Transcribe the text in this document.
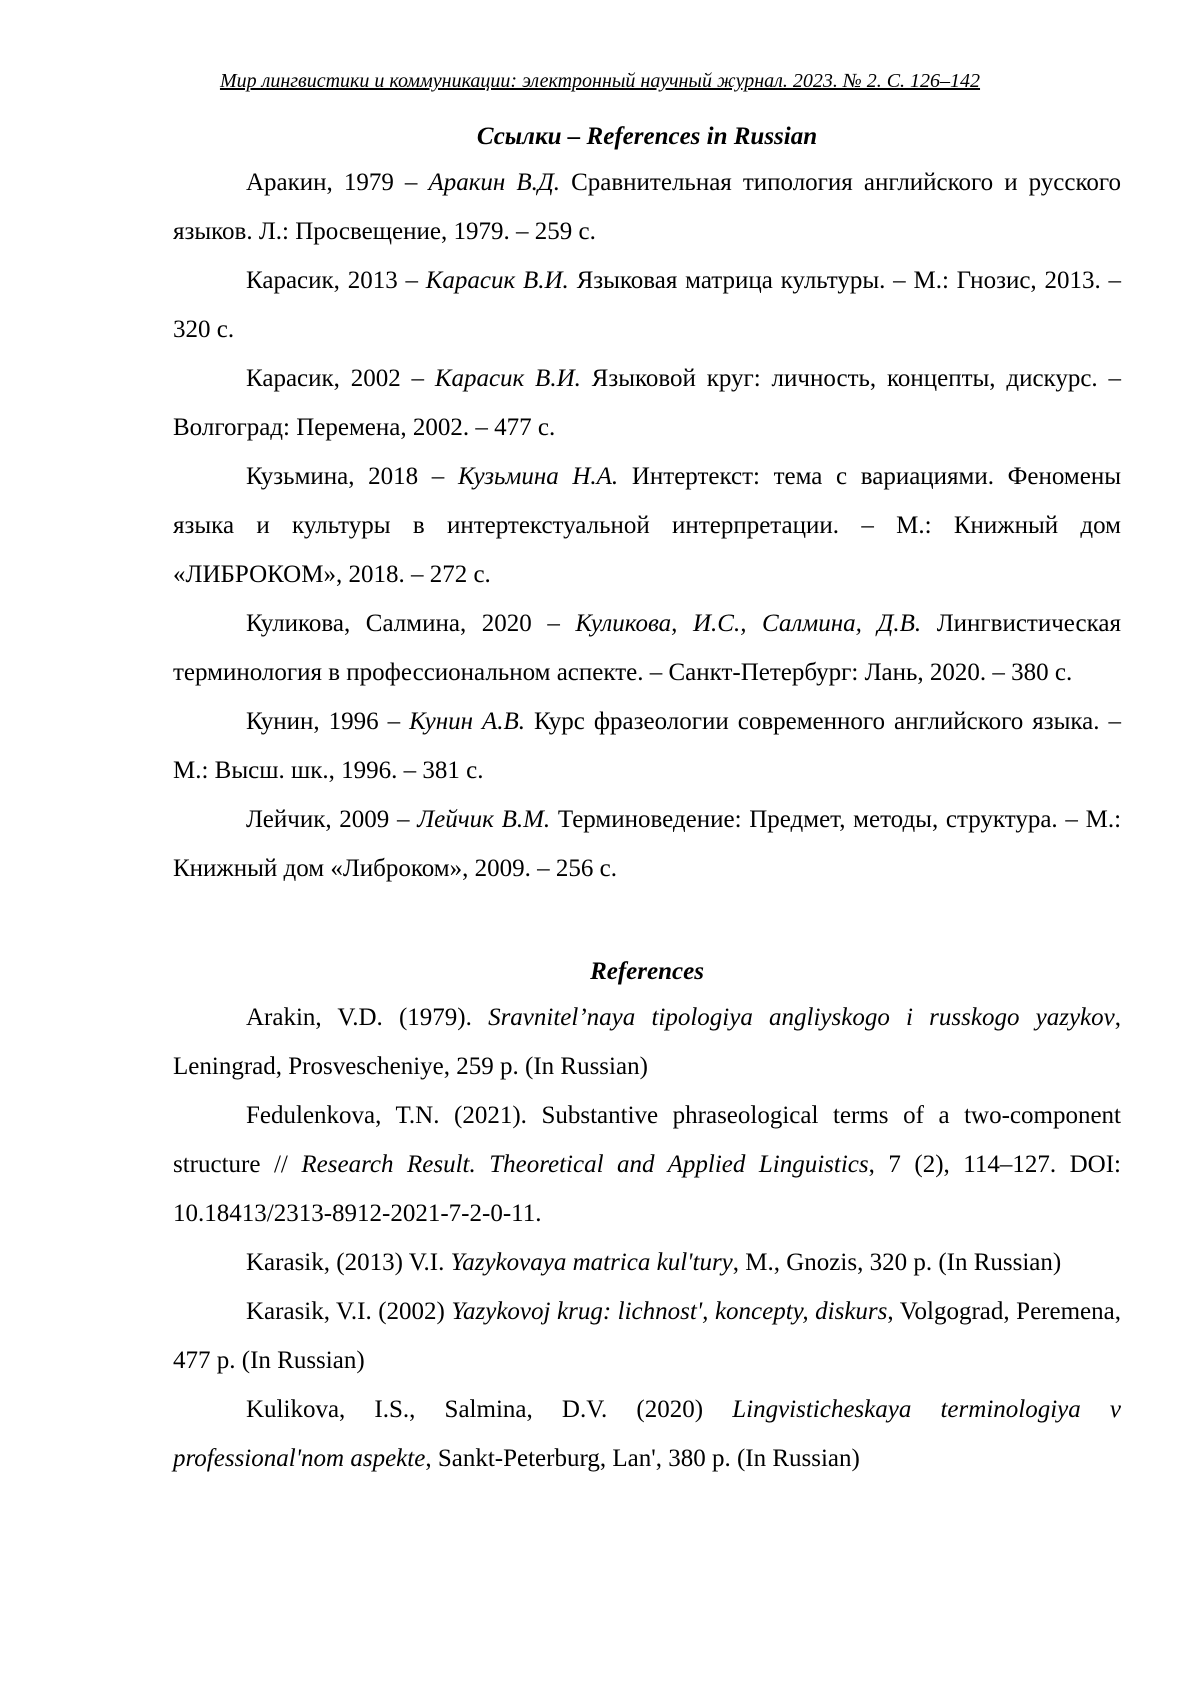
Мир лингвистики и коммуникации: электронный научный журнал. 2023. № 2. С. 126–142
Ссылки – References in Russian

Аракин, 1979 – Аракин В.Д. Сравнительная типология английского и русского языков. Л.: Просвещение, 1979. – 259 с.

Карасик, 2013 – Карасик В.И. Языковая матрица культуры. – М.: Гнозис, 2013. – 320 с.

Карасик, 2002 – Карасик В.И. Языковой круг: личность, концепты, дискурс. – Волгоград: Перемена, 2002. – 477 с.

Кузьмина, 2018 – Кузьмина Н.А. Интертекст: тема с вариациями. Феномены языка и культуры в интертекстуальной интерпретации. – М.: Книжный дом «ЛИБРОКОМ», 2018. – 272 с.

Куликова, Салмина, 2020 – Куликова, И.С., Салмина, Д.В. Лингвистическая терминология в профессиональном аспекте. – Санкт-Петербург: Лань, 2020. – 380 с.

Кунин, 1996 – Кунин А.В. Курс фразеологии современного английского языка. – М.: Высш. шк., 1996. – 381 с.

Лейчик, 2009 – Лейчик В.М. Терминоведение: Предмет, методы, структура. – М.: Книжный дом «Либроком», 2009. – 256 с.

References

Arakin, V.D. (1979). Sravnitel’naya tipologiya angliyskogo i russkogo yazykov, Leningrad, Prosvescheniye, 259 p. (In Russian)

Fedulenkova, T.N. (2021). Substantive phraseological terms of a two-component structure // Research Result. Theoretical and Applied Linguistics, 7 (2), 114–127. DOI: 10.18413/2313-8912-2021-7-2-0-11.

Karasik, (2013) V.I. Yazykovaya matrica kul'tury, M., Gnozis, 320 p. (In Russian)

Karasik, V.I. (2002) Yazykovoj krug: lichnost', koncepty, diskurs, Volgograd, Peremena, 477 p. (In Russian)

Kulikova, I.S., Salmina, D.V. (2020) Lingvisticheskaya terminologiya v professional'nom aspekte, Sankt-Peterburg, Lan', 380 p. (In Russian)
